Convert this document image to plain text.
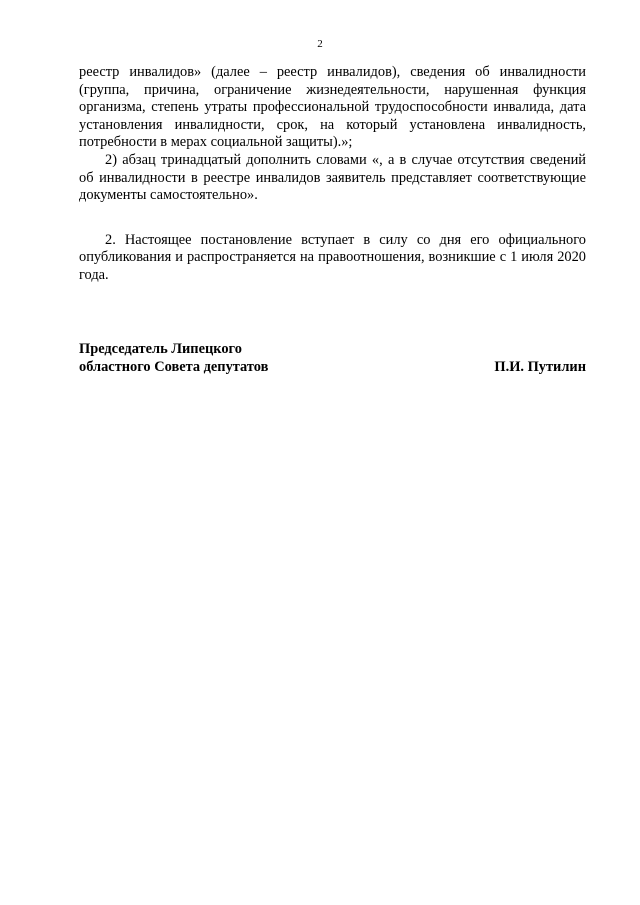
2

реестр инвалидов» (далее – реестр инвалидов), сведения об инвалидности (группа, причина, ограничение жизнедеятельности, нарушенная функция организма, степень утраты профессиональной трудоспособности инвалида, дата установления инвалидности, срок, на который установлена инвалидность, потребности в мерах социальной защиты).»;

2) абзац тринадцатый дополнить словами «, а в случае отсутствия сведений об инвалидности в реестре инвалидов заявитель представляет соответствующие документы самостоятельно».

2. Настоящее постановление вступает в силу со дня его официального опубликования и распространяется на правоотношения, возникшие с 1 июля 2020 года.

Председатель Липецкого
областного Совета депутатов	П.И. Путилин
